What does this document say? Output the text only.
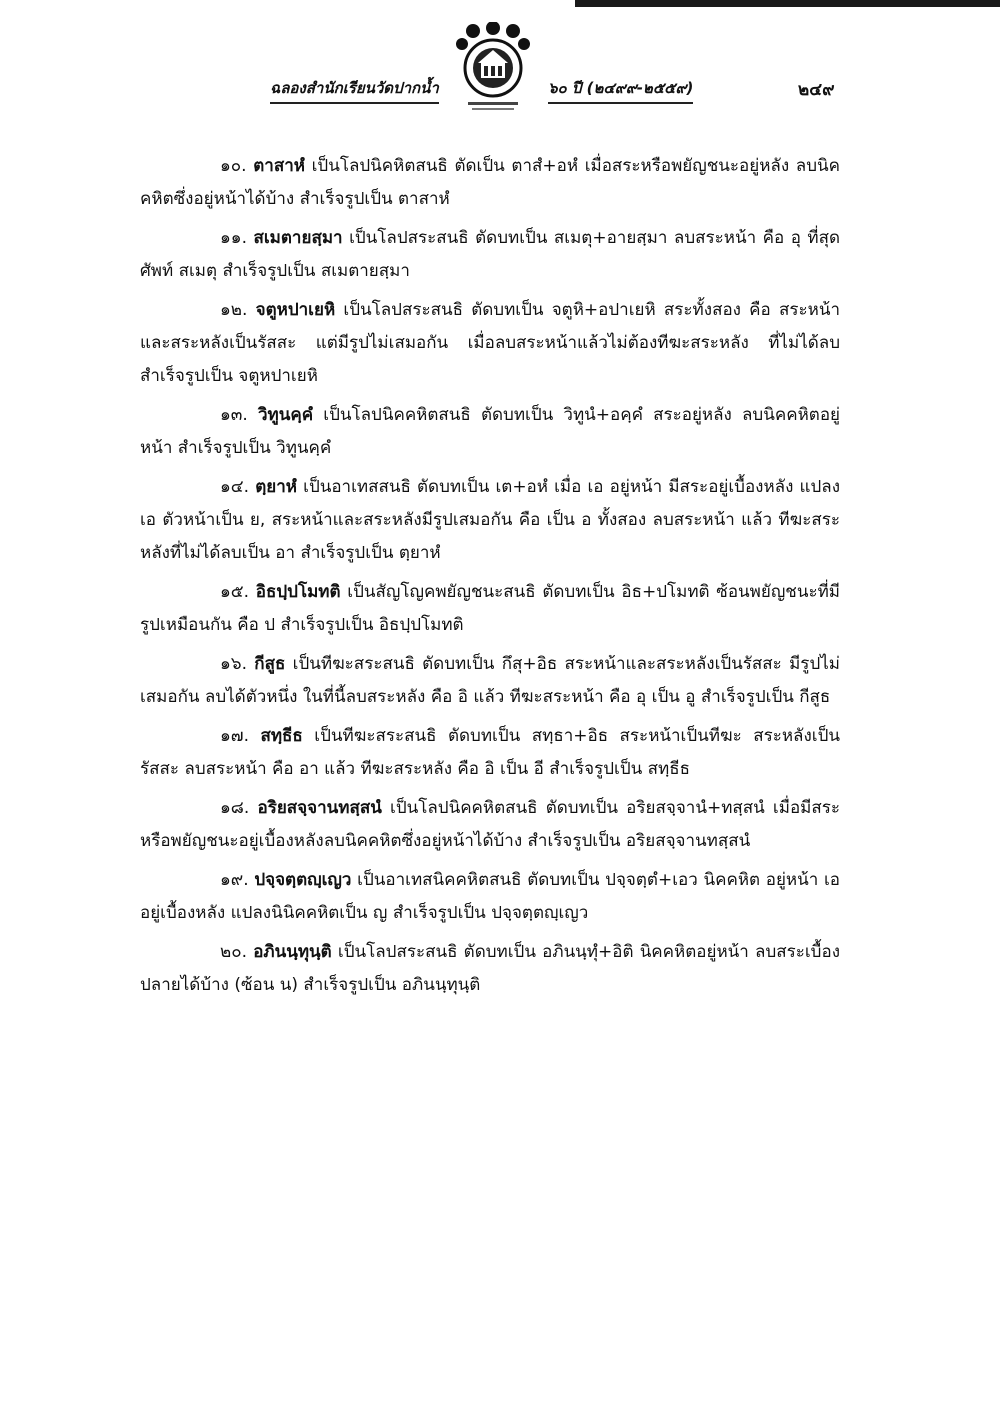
ฉลองสำนักเรียนวัดปากน้ำ	๖๐ ปี (๒๔๙๙-๒๕๕๙)	๒๔๙

๑๐. ตาสาหํ เป็นโลปนิคหิตสนธิ ตัดเป็น ตาสํ+อหํ เมื่อสระหรือพยัญชนะอยู่หลัง ลบนิคคหิตซึ่งอยู่หน้าได้บ้าง สำเร็จรูปเป็น ตาสาหํ

๑๑. สเมตายสฺมา เป็นโลปสระสนธิ ตัดบทเป็น สเมตุ+อายสฺมา ลบสระหน้า คือ อุ ที่สุดศัพท์ สเมตุ สำเร็จรูปเป็น สเมตายสฺมา

๑๒. จตูหปาเยหิ เป็นโลปสระสนธิ ตัดบทเป็น จตูหิ+อปาเยหิ สระทั้งสอง คือ สระหน้าและสระหลังเป็นรัสสะ แต่มีรูปไม่เสมอกัน เมื่อลบสระหน้าแล้วไม่ต้องทีฆะสระหลัง ที่ไม่ได้ลบ สำเร็จรูปเป็น จตูหปาเยหิ

๑๓. วิทูนคฺคํ เป็นโลปนิคคหิตสนธิ ตัดบทเป็น วิทูนํ+อคฺคํ สระอยู่หลัง ลบนิคคหิตอยู่หน้า สำเร็จรูปเป็น วิทูนคฺคํ

๑๔. ตฺยาหํ เป็นอาเทสสนธิ ตัดบทเป็น เต+อหํ เมื่อ เอ อยู่หน้า มีสระอยู่เบื้องหลัง แปลง เอ ตัวหน้าเป็น ย, สระหน้าและสระหลังมีรูปเสมอกัน คือ เป็น อ ทั้งสอง ลบสระหน้า แล้ว ทีฆะสระหลังที่ไม่ได้ลบเป็น อา สำเร็จรูปเป็น ตฺยาหํ

๑๕. อิธปฺปโมทติ เป็นสัญโญคพยัญชนะสนธิ ตัดบทเป็น อิธ+ปโมทติ ซ้อนพยัญชนะที่มีรูปเหมือนกัน คือ ป สำเร็จรูปเป็น อิธปฺปโมทติ

๑๖. กีสูธ เป็นทีฆะสระสนธิ ตัดบทเป็น กึสุ+อิธ สระหน้าและสระหลังเป็นรัสสะ มีรูปไม่เสมอกัน ลบได้ตัวหนึ่ง ในที่นี้ลบสระหลัง คือ อิ แล้ว ทีฆะสระหน้า คือ อุ เป็น อู สำเร็จรูปเป็น กีสูธ

๑๗. สทฺธีธ เป็นทีฆะสระสนธิ ตัดบทเป็น สทฺธา+อิธ สระหน้าเป็นทีฆะ สระหลังเป็นรัสสะ ลบสระหน้า คือ อา แล้ว ทีฆะสระหลัง คือ อิ เป็น อี สำเร็จรูปเป็น สทฺธีธ

๑๘. อริยสจฺจานทสฺสนํ เป็นโลปนิคคหิตสนธิ ตัดบทเป็น อริยสจฺจานํ+ทสฺสนํ เมื่อมีสระหรือพยัญชนะอยู่เบื้องหลังลบนิคคหิตซึ่งอยู่หน้าได้บ้าง สำเร็จรูปเป็น อริยสจฺจานทสฺสนํ

๑๙. ปจฺจตฺตญฺเญว เป็นอาเทสนิคคหิตสนธิ ตัดบทเป็น ปจฺจตฺตํ+เอว นิคคหิต อยู่หน้า เอ อยู่เบื้องหลัง แปลงนินิคคหิตเป็น ญ สำเร็จรูปเป็น ปจฺจตฺตญฺเญว

๒๐. อภินนฺทุนฺติ เป็นโลปสระสนธิ ตัดบทเป็น อภินนฺทุํ+อิติ นิคคหิตอยู่หน้า ลบสระเบื้องปลายได้บ้าง (ซ้อน น) สำเร็จรูปเป็น อภินนฺทุนฺติ
